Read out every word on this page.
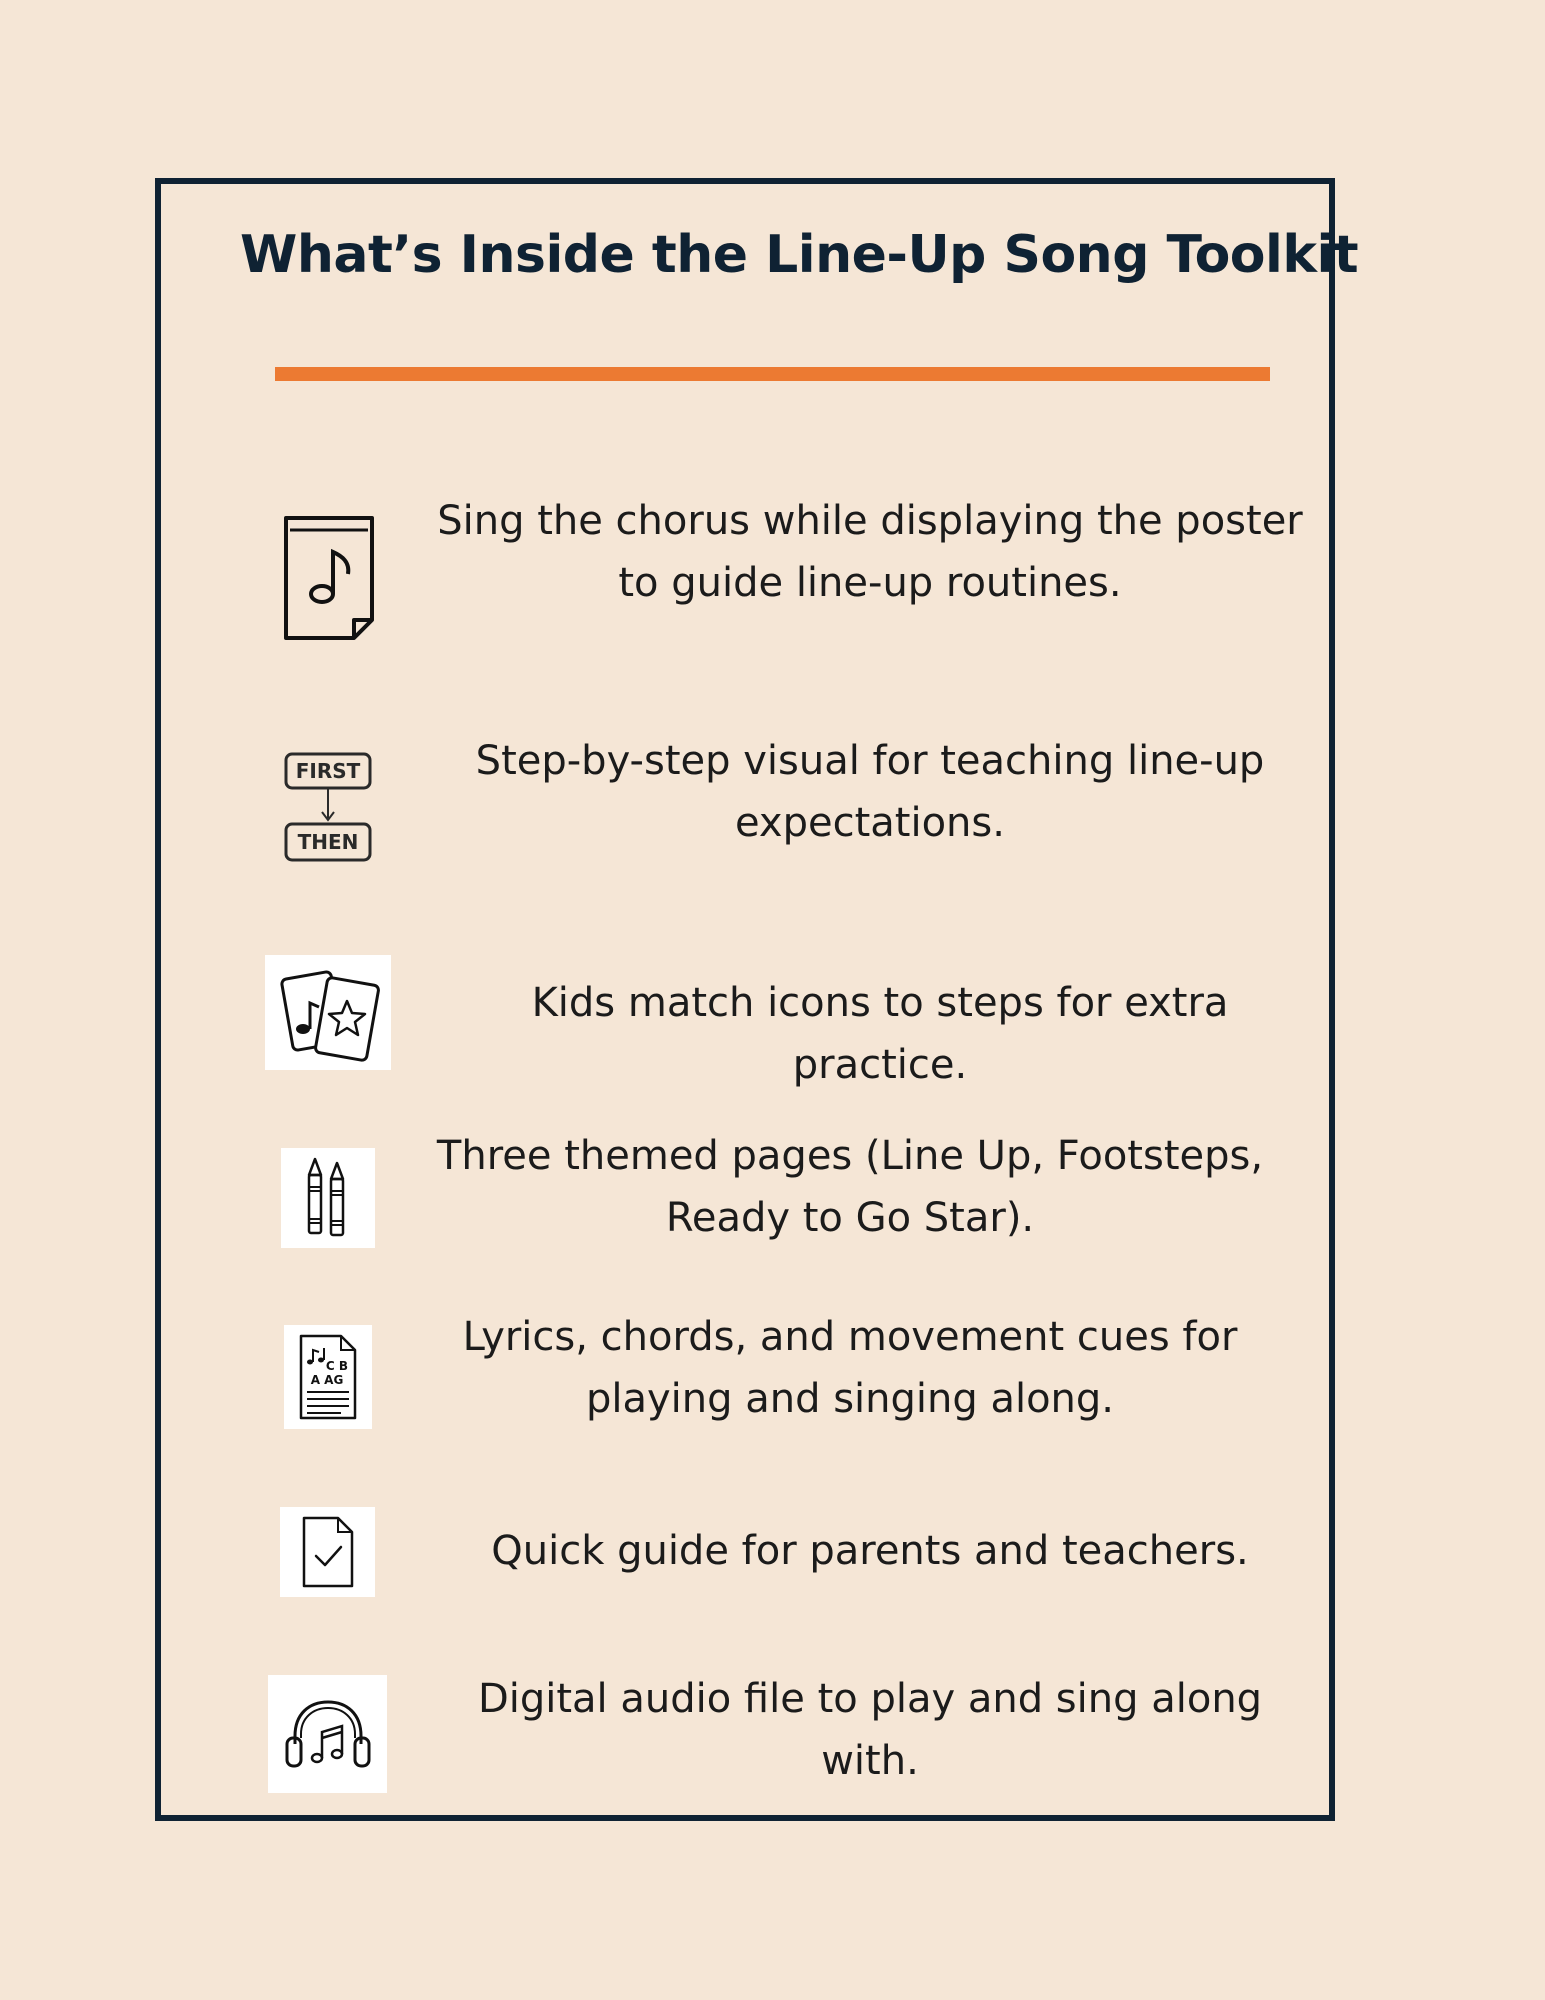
What’s Inside the Line-Up Song Toolkit
Sing the chorus while displaying the poster to guide line-up routines.
FIRST
THEN
Step-by-step visual for teaching line-up expectations.
Kids match icons to steps for extra practice.
Three themed pages (Line Up, Footsteps, Ready to Go Star).
C B
A AG
Lyrics, chords, and movement cues for playing and singing along.
Quick guide for parents and teachers.
Digital audio file to play and sing along with.
